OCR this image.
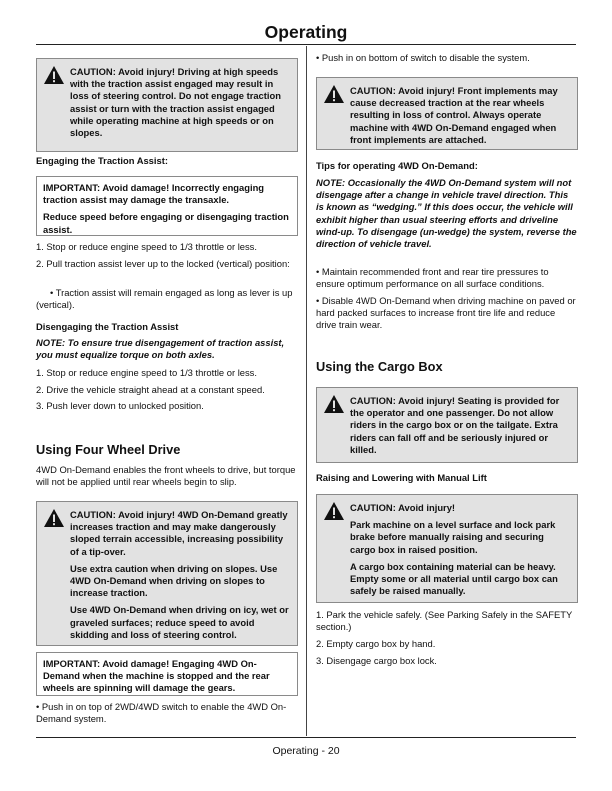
Operating
Operating - 20

CAUTION: Avoid injury! Driving at high speeds with the traction assist engaged may result in loss of steering control. Do not engage traction assist or turn with the traction assist engaged while operating machine at high speeds or on slopes.

Engaging the Traction Assist:

IMPORTANT: Avoid damage! Incorrectly engaging traction assist may damage the transaxle.

Reduce speed before engaging or disengaging traction assist.

1. Stop or reduce engine speed to 1/3 throttle or less.

2. Pull traction assist lever up to the locked (vertical) position:

• Traction assist will remain engaged as long as lever is up (vertical).

Disengaging the Traction Assist

NOTE: To ensure true disengagement of traction assist, you must equalize torque on both axles.

1. Stop or reduce engine speed to 1/3 throttle or less.

2. Drive the vehicle straight ahead at a constant speed.

3. Push lever down to unlocked position.

Using Four Wheel Drive

4WD On-Demand enables the front wheels to drive, but torque will not be applied until rear wheels begin to slip.

CAUTION: Avoid injury! 4WD On-Demand greatly increases traction and may make dangerously sloped terrain accessible, increasing possibility of a tip-over.

Use extra caution when driving on slopes. Use 4WD On-Demand when driving on slopes to increase traction.

Use 4WD On-Demand when driving on icy, wet or graveled surfaces; reduce speed to avoid skidding and loss of steering control.

IMPORTANT: Avoid damage! Engaging 4WD On-Demand when the machine is stopped and the rear wheels are spinning will damage the gears.

• Push in on top of 2WD/4WD switch to enable the 4WD On-Demand system.

• Push in on bottom of switch to disable the system.

CAUTION: Avoid injury! Front implements may cause decreased traction at the rear wheels resulting in loss of control. Always operate machine with 4WD On-Demand engaged when front implements are attached.

Tips for operating 4WD On-Demand:

NOTE: Occasionally the 4WD On-Demand system will not disengage after a change in vehicle travel direction. This is known as “wedging.” If this does occur, the vehicle will exhibit higher than usual steering efforts and driveline wind-up. To disengage (un-wedge) the system, reverse the direction of vehicle travel.

• Maintain recommended front and rear tire pressures to ensure optimum performance on all surface conditions.

• Disable 4WD On-Demand when driving machine on paved or hard packed surfaces to increase front tire life and reduce drive train wear.

Using the Cargo Box

CAUTION: Avoid injury! Seating is provided for the operator and one passenger. Do not allow riders in the cargo box or on the tailgate. Extra riders can fall off and be seriously injured or killed.

Raising and Lowering with Manual Lift

CAUTION: Avoid injury!

Park machine on a level surface and lock park brake before manually raising and securing cargo box in raised position.

A cargo box containing material can be heavy. Empty some or all material until cargo box can safely be raised manually.

1. Park the vehicle safely. (See Parking Safely in the SAFETY section.)

2. Empty cargo box by hand.

3. Disengage cargo box lock.
